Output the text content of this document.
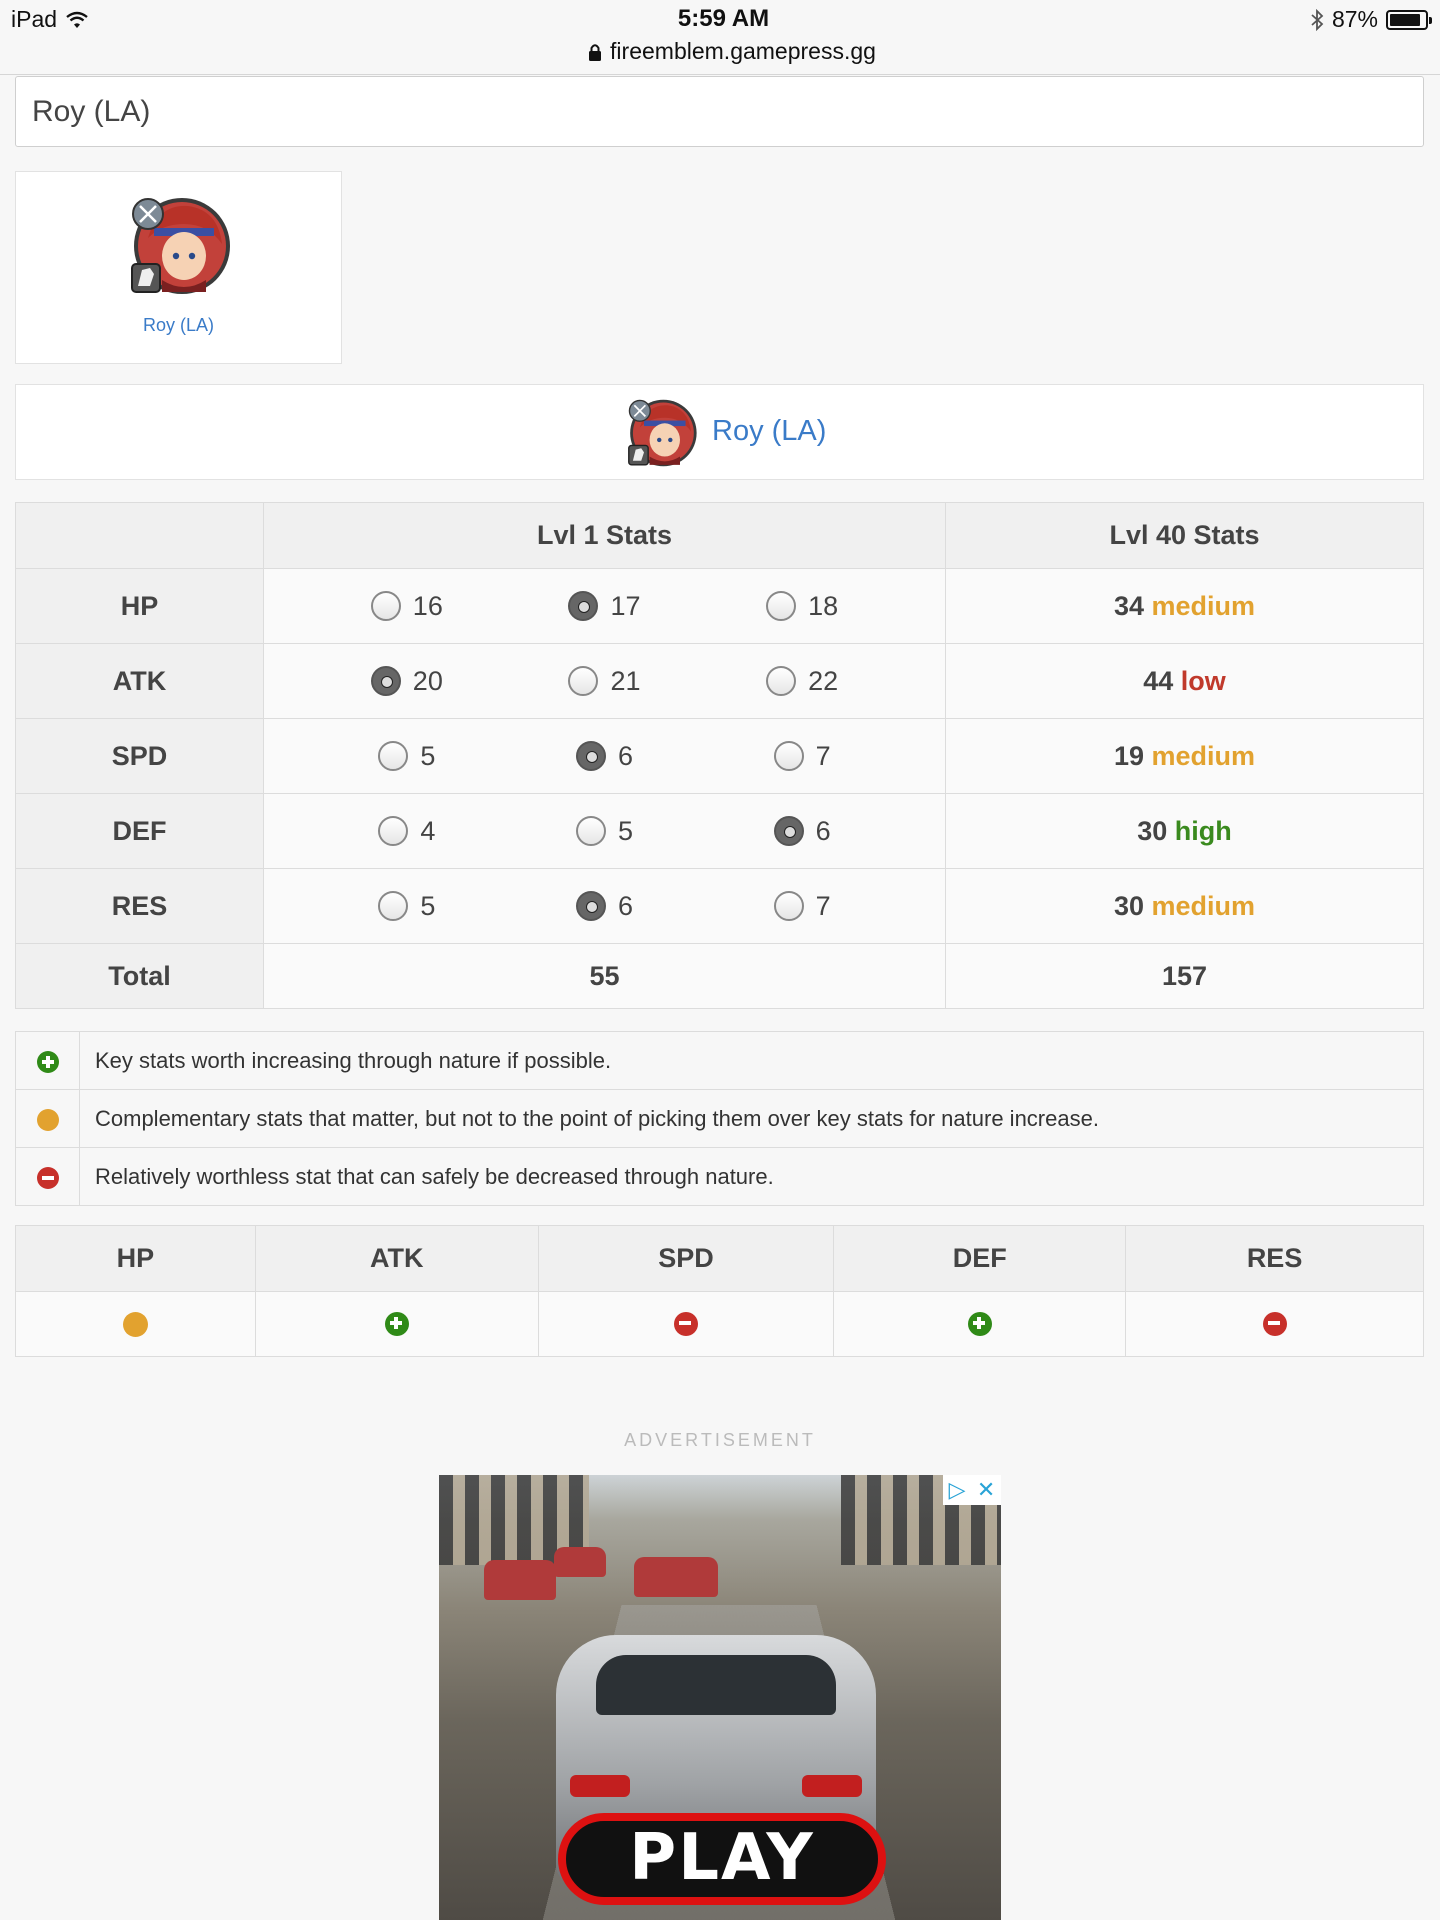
iPad	5:59 AM
fireemblem.gamepress.gg
87%
Roy (LA)
Roy (LA)
Roy (LA)
	Lvl 1 Stats	Lvl 40 Stats
HP	16 17 18	34 medium
ATK	20 21 22	44 low
SPD	5 6 7	19 medium
DEF	4 5 6	30 high
RES	5 6 7	30 medium
Total	55	157
	Key stats worth increasing through nature if possible.
	Complementary stats that matter, but not to the point of picking them over key stats for nature increase.
	Relatively worthless stat that can safely be decreased through nature.
HP	ATK	SPD	DEF	RES

ADVERTISEMENT
PLAY
▷ ✕
